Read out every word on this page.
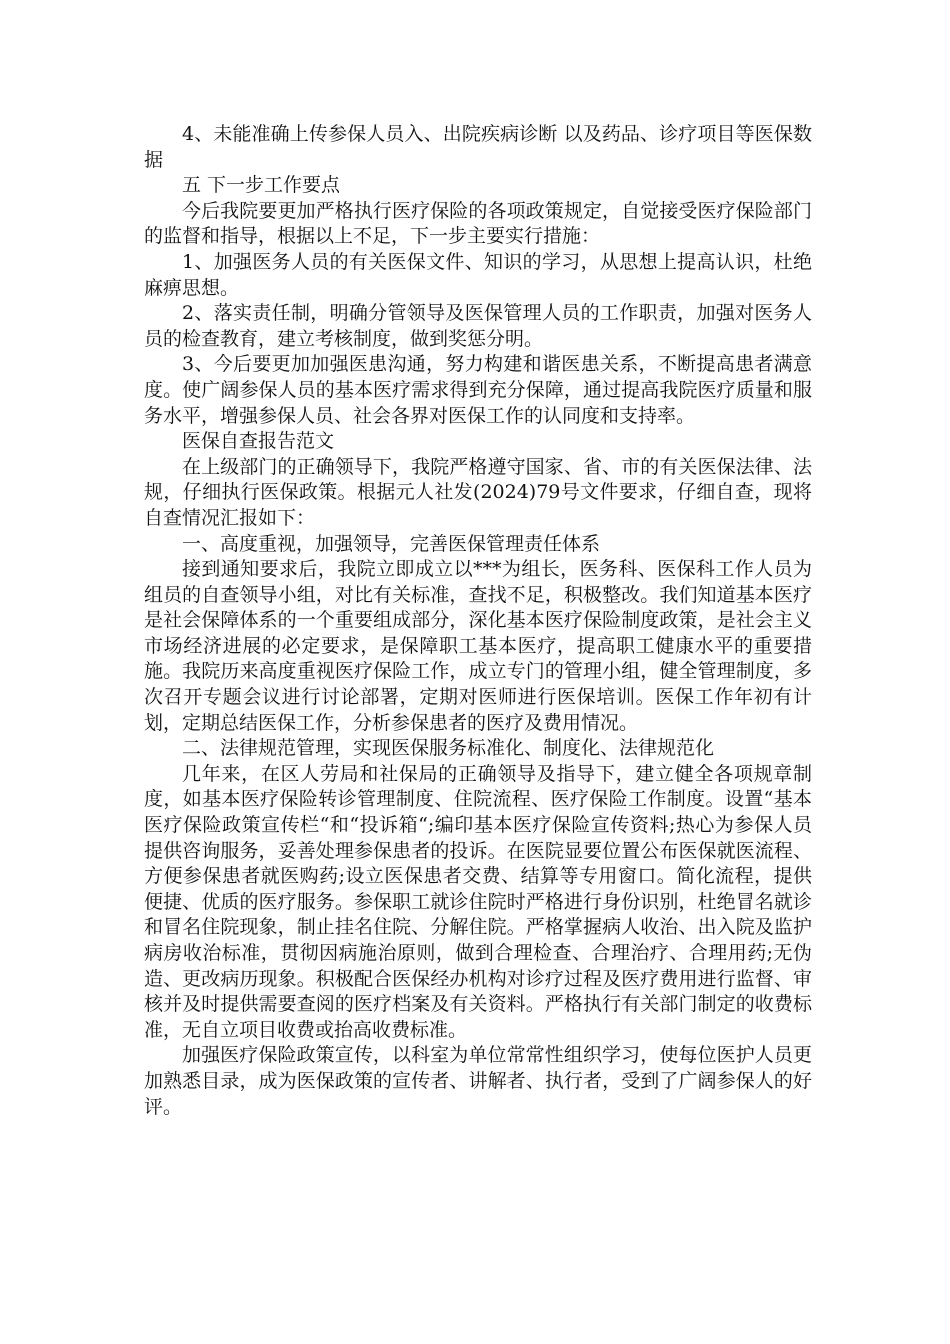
4、未能准确上传参保人员入、出院疾病诊断 以及药品、诊疗项目等医保数据

五 下一步工作要点

今后我院要更加严格执行医疗保险的各项政策规定，自觉接受医疗保险部门的监督和指导，根据以上不足，下一步主要实行措施：

1、加强医务人员的有关医保文件、知识的学习，从思想上提高认识，杜绝麻痹思想。

2、落实责任制，明确分管领导及医保管理人员的工作职责，加强对医务人员的检查教育，建立考核制度，做到奖惩分明。

3、今后要更加加强医患沟通，努力构建和谐医患关系，不断提高患者满意度。使广阔参保人员的基本医疗需求得到充分保障，通过提高我院医疗质量和服务水平，增强参保人员、社会各界对医保工作的认同度和支持率。

医保自查报告范文

在上级部门的正确领导下，我院严格遵守国家、省、市的有关医保法律、法规，仔细执行医保政策。根据元人社发(2024)79号文件要求，仔细自查，现将自查情况汇报如下：

一、高度重视，加强领导，完善医保管理责任体系

接到通知要求后，我院立即成立以***为组长，医务科、医保科工作人员为组员的自查领导小组，对比有关标准，查找不足，积极整改。我们知道基本医疗是社会保障体系的一个重要组成部分，深化基本医疗保险制度政策，是社会主义市场经济进展的必定要求，是保障职工基本医疗，提高职工健康水平的重要措施。我院历来高度重视医疗保险工作，成立专门的管理小组，健全管理制度，多次召开专题会议进行讨论部署，定期对医师进行医保培训。医保工作年初有计划，定期总结医保工作，分析参保患者的医疗及费用情况。

二、法律规范管理，实现医保服务标准化、制度化、法律规范化

几年来，在区人劳局和社保局的正确领导及指导下，建立健全各项规章制度，如基本医疗保险转诊管理制度、住院流程、医疗保险工作制度。设置“基本医疗保险政策宣传栏“和“投诉箱“;编印基本医疗保险宣传资料;热心为参保人员提供咨询服务，妥善处理参保患者的投诉。在医院显要位置公布医保就医流程、方便参保患者就医购药;设立医保患者交费、结算等专用窗口。简化流程，提供便捷、优质的医疗服务。参保职工就诊住院时严格进行身份识别，杜绝冒名就诊和冒名住院现象，制止挂名住院、分解住院。严格掌握病人收治、出入院及监护病房收治标准，贯彻因病施治原则，做到合理检查、合理治疗、合理用药;无伪造、更改病历现象。积极配合医保经办机构对诊疗过程及医疗费用进行监督、审核并及时提供需要查阅的医疗档案及有关资料。严格执行有关部门制定的收费标准，无自立项目收费或抬高收费标准。

加强医疗保险政策宣传，以科室为单位常常性组织学习，使每位医护人员更加熟悉目录，成为医保政策的宣传者、讲解者、执行者，受到了广阔参保人的好评。
